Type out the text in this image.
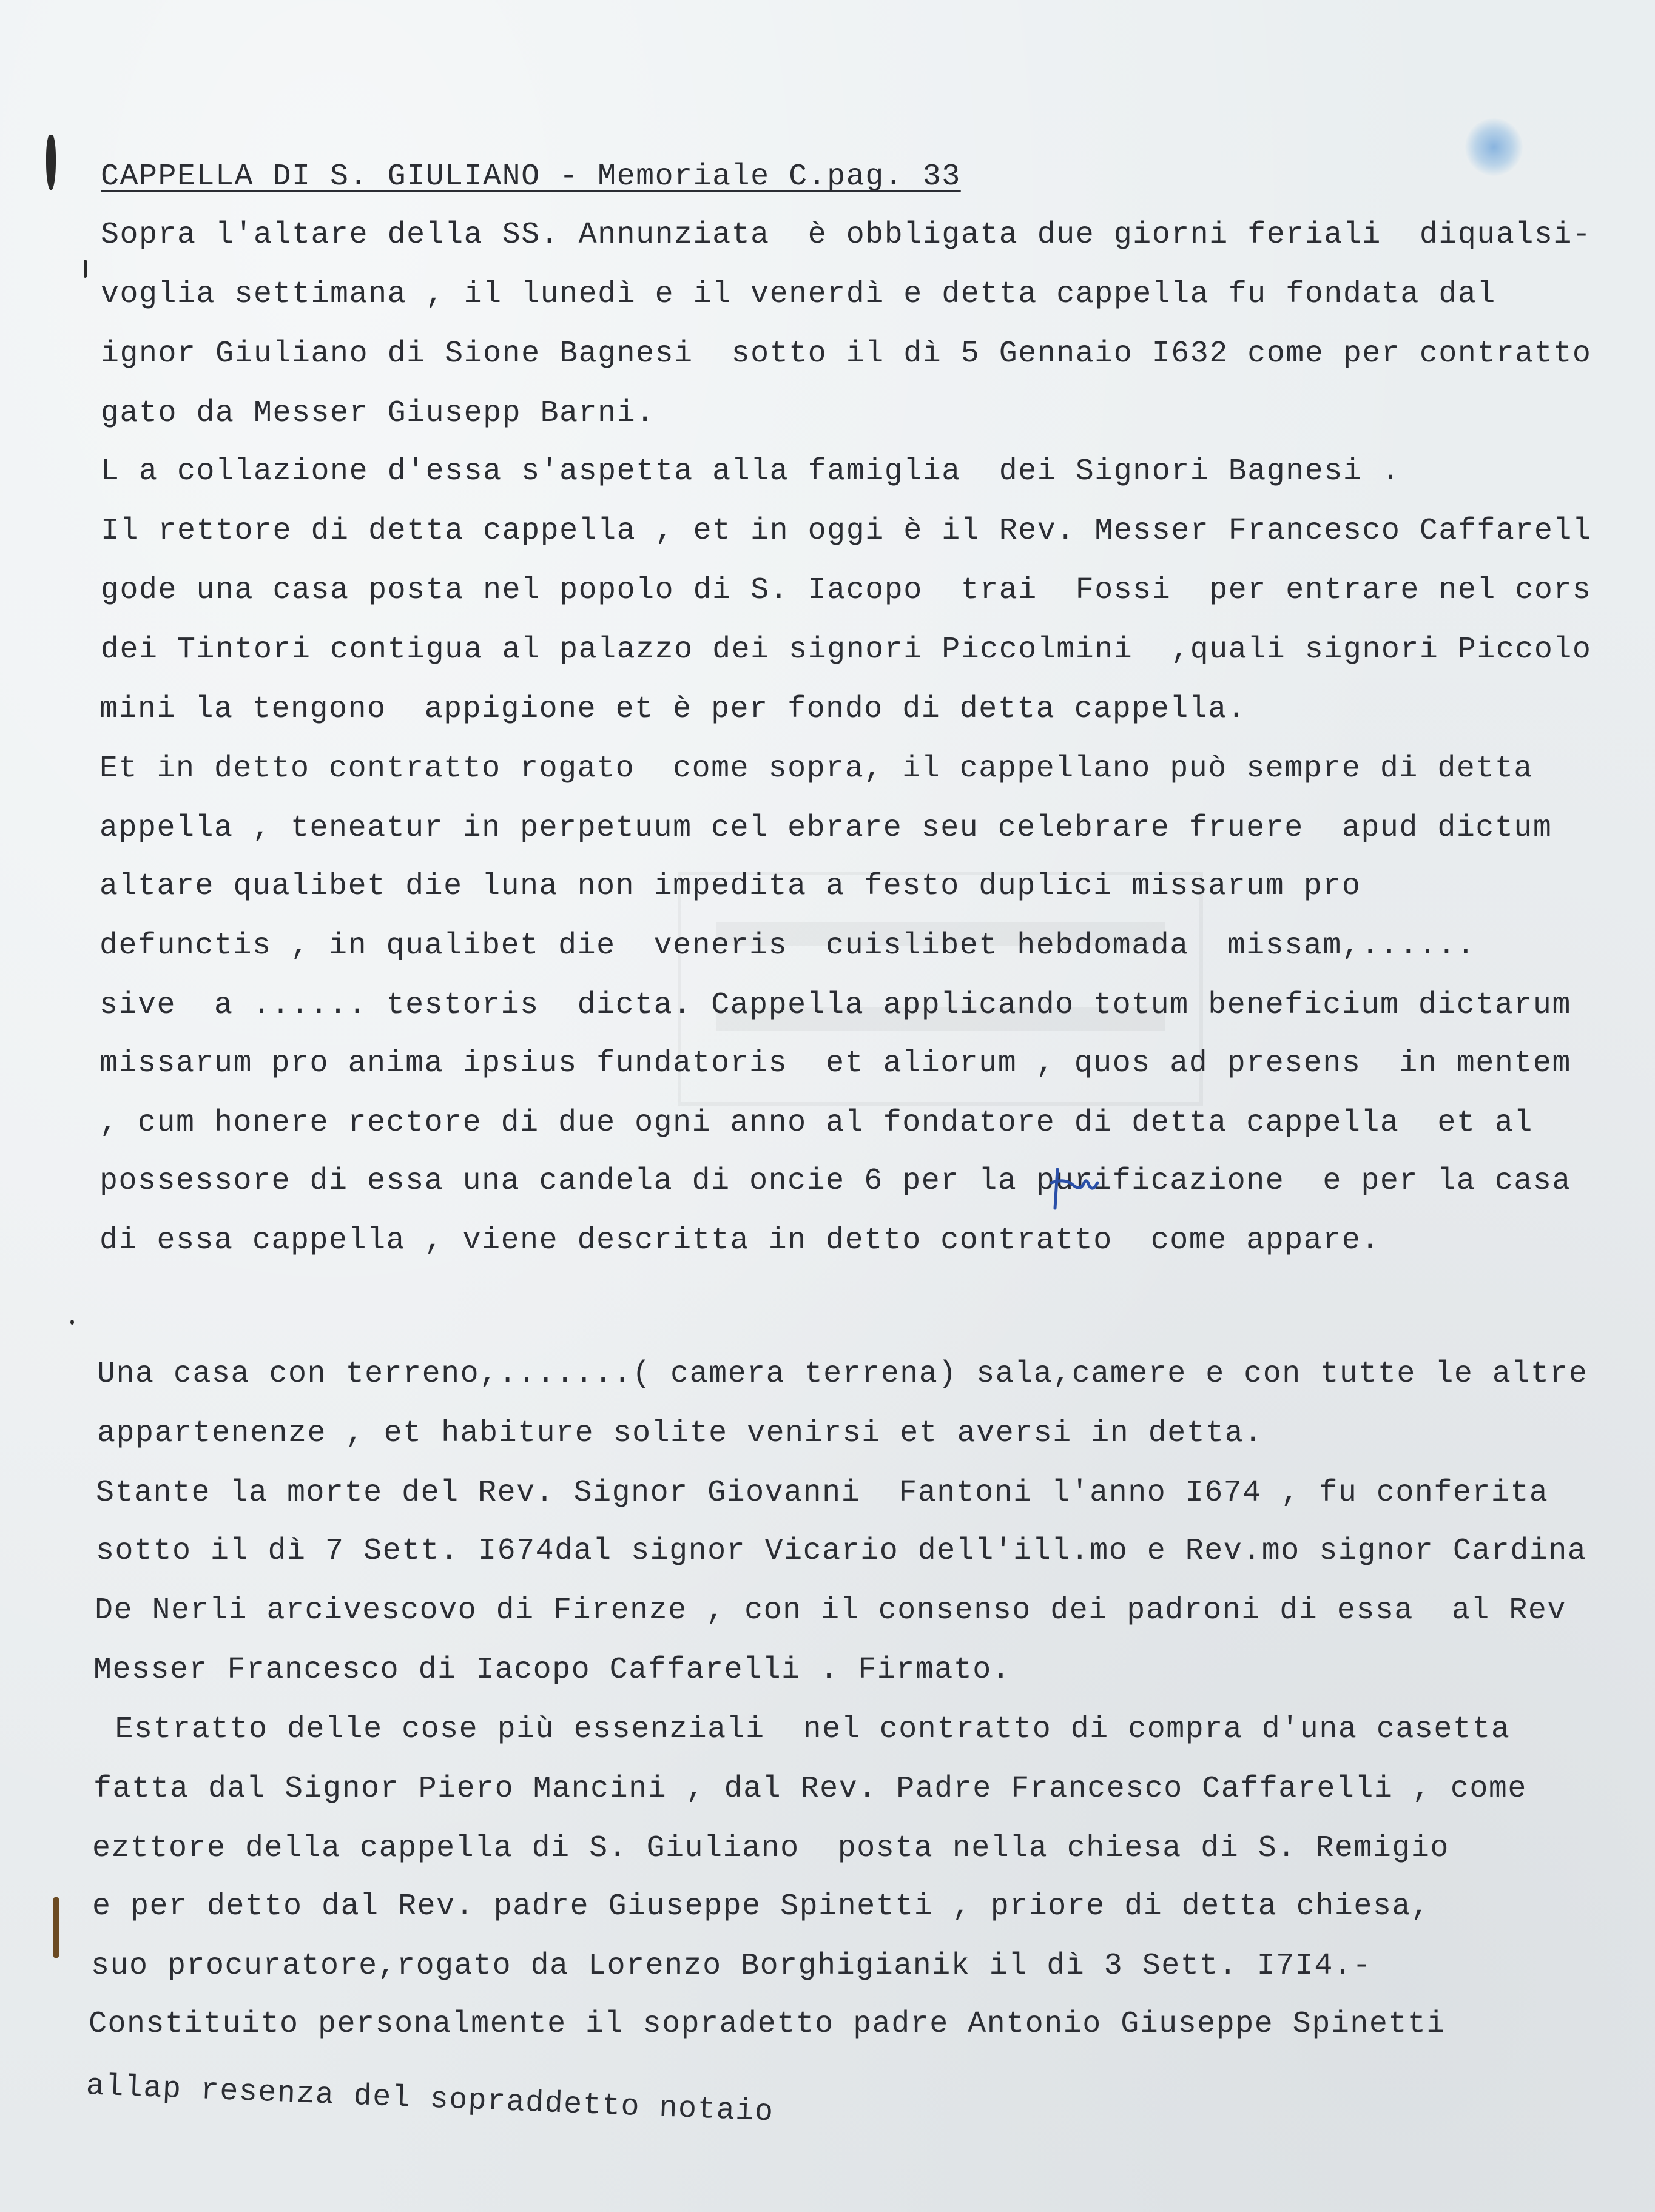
CAPPELLA DI S. GIULIANO - Memoriale C.pag. 33

Sopra l'altare della SS. Annunziata  è obbligata due giorni feriali  diqualsi-

voglia settimana , il lunedì e il venerdì e detta cappella fu fondata dal

ignor Giuliano di Sione Bagnesi  sotto il dì 5 Gennaio I632 come per contratto

gato da Messer Giusepp Barni.

L a collazione d'essa s'aspetta alla famiglia  dei Signori Bagnesi .

Il rettore di detta cappella , et in oggi è il Rev. Messer Francesco Caffarell

gode una casa posta nel popolo di S. Iacopo  trai  Fossi  per entrare nel cors

dei Tintori contigua al palazzo dei signori Piccolmini  ,quali signori Piccolo

mini la tengono  appigione et è per fondo di detta cappella.

Et in detto contratto rogato  come sopra, il cappellano può sempre di detta

appella , teneatur in perpetuum cel ebrare seu celebrare fruere  apud dictum

altare qualibet die luna non impedita a festo duplici missarum pro

defunctis , in qualibet die  veneris  cuislibet hebdomada  missam,......

sive  a ...... testoris  dicta. Cappella applicando totum beneficium dictarum

missarum pro anima ipsius fundatoris  et aliorum , quos ad presens  in mentem

, cum honere rectore di due ogni anno al fondatore di detta cappella  et al

possessore di essa una candela di oncie 6 per la purificazione  e per la casa

di essa cappella , viene descritta in detto contratto  come appare.

Una casa con terreno,.......( camera terrena) sala,camere e con tutte le altre

appartenenze , et habiture solite venirsi et aversi in detta.

Stante la morte del Rev. Signor Giovanni  Fantoni l'anno I674 , fu conferita

sotto il dì 7 Sett. I674dal signor Vicario dell'ill.mo e Rev.mo signor Cardina

De Nerli arcivescovo di Firenze , con il consenso dei padroni di essa  al Rev

Messer Francesco di Iacopo Caffarelli . Firmato.

Estratto delle cose più essenziali  nel contratto di compra d'una casetta

fatta dal Signor Piero Mancini , dal Rev. Padre Francesco Caffarelli , come

ezttore della cappella di S. Giuliano  posta nella chiesa di S. Remigio

e per detto dal Rev. padre Giuseppe Spinetti , priore di detta chiesa,

suo procuratore,rogato da Lorenzo Borghigianik il dì 3 Sett. I7I4.-

Constituito personalmente il sopradetto padre Antonio Giuseppe Spinetti

allap resenza del sopraddetto notaio
